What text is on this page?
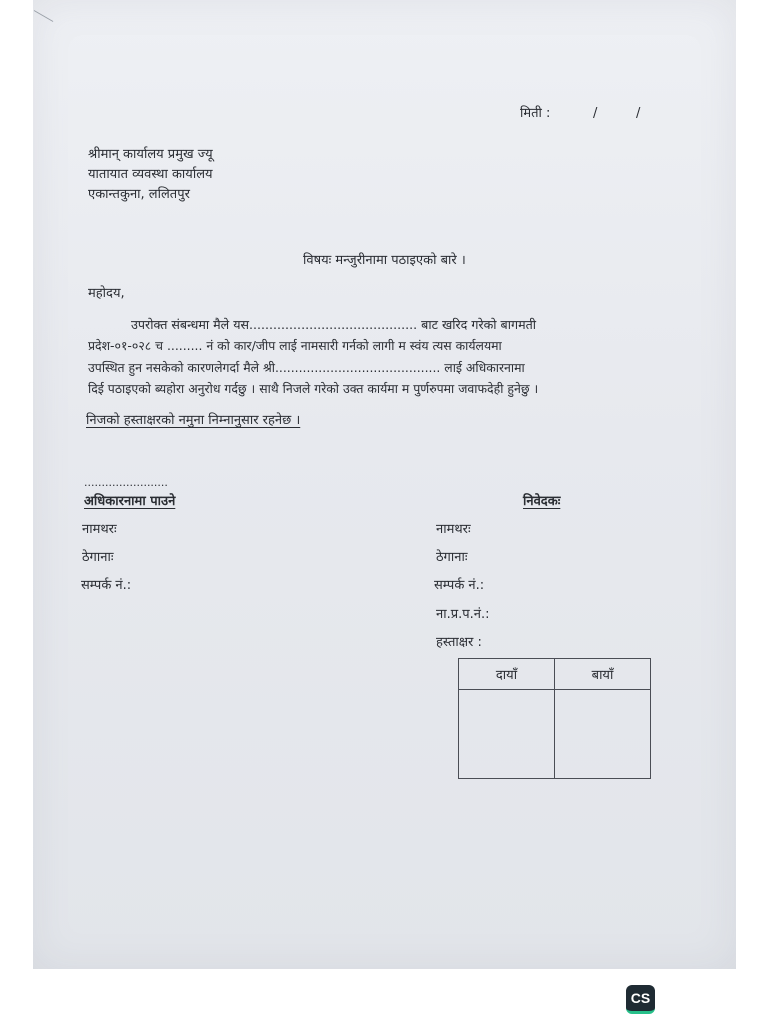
मिती :	/	/
श्रीमान् कार्यालय प्रमुख ज्यू
यातायात व्यवस्था कार्यालय
एकान्तकुना, ललितपुर
विषयः मन्जुरीनामा पठाइएको बारे ।
महोदय,
उपरोक्त संबन्धमा मैले यस.......................................... बाट खरिद गरेको बागमती
प्रदेश-०१-०२८ च ......... नं को कार/जीप लाई नामसारी गर्नको लागी म स्वंय त्यस कार्यलयमा
उपस्थित हुन नसकेको कारणलेगर्दा मैले श्री.......................................... लाई अधिकारनामा
दिई पठाइएको ब्यहोरा अनुरोध गर्दछु । साथै निजले गरेको उक्त कार्यमा म पुर्णरुपमा जवाफदेही हुनेछु ।
निजको हस्ताक्षरको नमुना निम्नानुसार रहनेछ ।
........................
अधिकारनामा पाउने
नामथरः
ठेगानाः
सम्पर्क नं.:
निवेदकः
नामथरः
ठेगानाः
सम्पर्क नं.:
ना.प्र.प.नं.:
हस्ताक्षर :
दायाँ	बायाँ

CS
